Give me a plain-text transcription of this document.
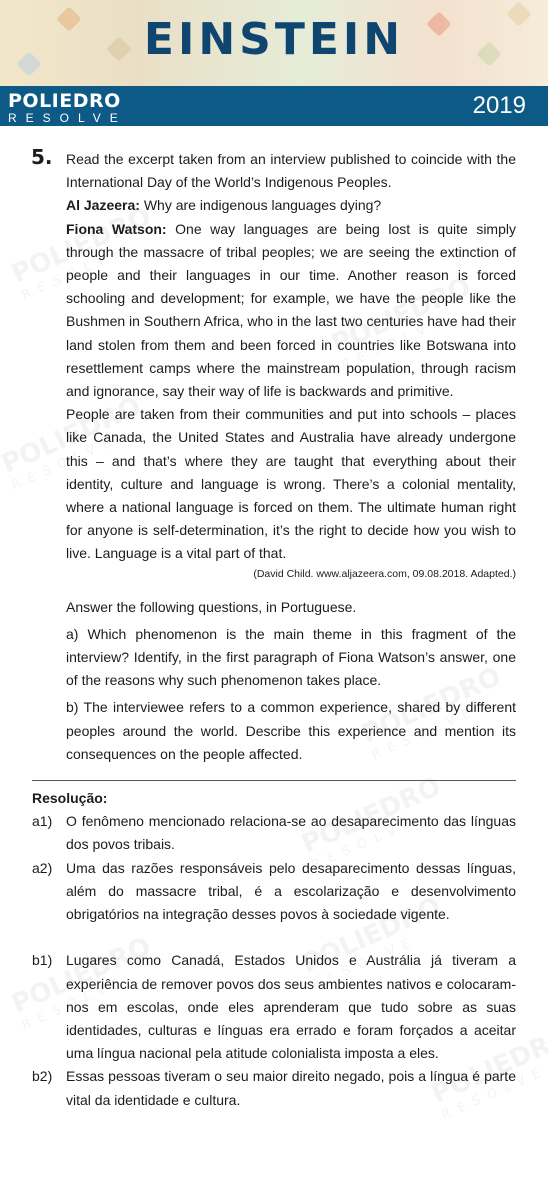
EINSTEIN
POLIEDRO
RESOLVE	2019
5. Read the excerpt taken from an interview published to coincide with the International Day of the World’s Indigenous Peoples.

Al Jazeera: Why are indigenous languages dying?

Fiona Watson: One way languages are being lost is quite simply through the massacre of tribal peoples; we are seeing the extinction of people and their languages in our time. Another reason is forced schooling and development; for example, we have the people like the Bushmen in Southern Africa, who in the last two centuries have had their land stolen from them and been forced in countries like Botswana into resettlement camps where the mainstream population, through racism and ignorance, say their way of life is backwards and primitive.

People are taken from their communities and put into schools – places like Canada, the United States and Australia have already undergone this – and that’s where they are taught that everything about their identity, culture and language is wrong. There’s a colonial mentality, where a national language is forced on them. The ultimate human right for anyone is self-determination, it’s the right to decide how you wish to live. Language is a vital part of that.

(David Child. www.aljazeera.com, 09.08.2018. Adapted.)

Answer the following questions, in Portuguese.

a) Which phenomenon is the main theme in this fragment of the interview? Identify, in the first paragraph of Fiona Watson’s answer, one of the reasons why such phenomenon takes place.

b) The interviewee refers to a common experience, shared by different peoples around the world. Describe this experience and mention its consequences on the people affected.

Resolução:

a1) O fenômeno mencionado relaciona-se ao desaparecimento das línguas dos povos tribais.
a2) Uma das razões responsáveis pelo desaparecimento dessas línguas, além do massacre tribal, é a escolarização e desenvolvimento obrigatórios na integração desses povos à sociedade vigente.
b1) Lugares como Canadá, Estados Unidos e Austrália já tiveram a experiência de remover povos dos seus ambientes nativos e colocaram-nos em escolas, onde eles aprenderam que tudo sobre as suas identidades, culturas e línguas era errado e foram forçados a aceitar uma língua nacional pela atitude colonialista imposta a eles.
b2) Essas pessoas tiveram o seu maior direito negado, pois a língua é parte vital da identidade e cultura.
